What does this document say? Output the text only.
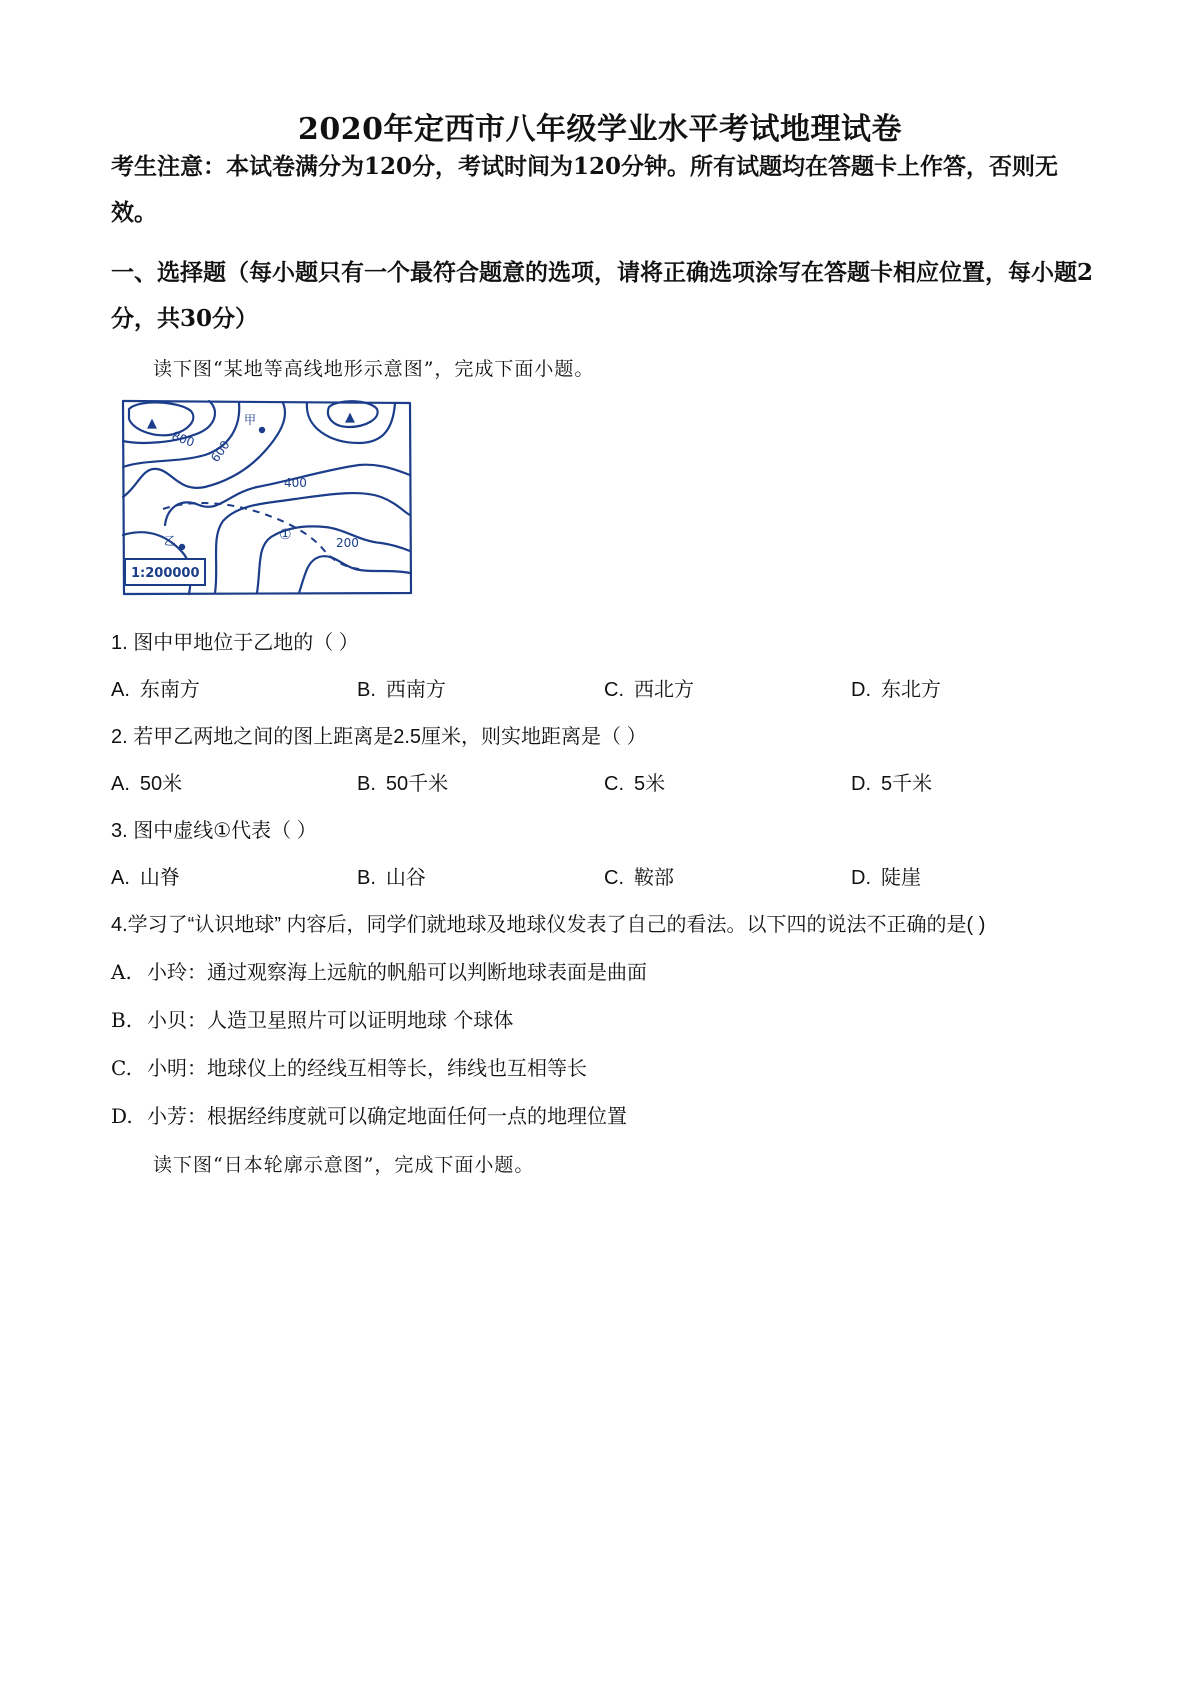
2020年定西市八年级学业水平考试地理试卷
考生注意：本试卷满分为120分，考试时间为120分钟。所有试题均在答题卡上作答，否则无效。
一、选择题（每小题只有一个最符合题意的选项，请将正确选项涂写在答题卡相应位置，每小题2分，共30分）
读下图“某地等高线地形示意图”，完成下面小题。
▲	▲
800 600
400
200
甲
乙	①
1:200000
1. 图中甲地位于乙地的（ ）
A. 东南方	B. 西南方	C. 西北方	D. 东北方
2. 若甲乙两地之间的图上距离是2.5厘米，则实地距离是（ ）
A. 50米	B. 50千米	C. 5米	D. 5千米
3. 图中虚线①代表（ ）
A. 山脊	B. 山谷	C. 鞍部	D. 陡崖
4.学习了“认识地球” 内容后，同学们就地球及地球仪发表了自己的看法。以下四的说法不正确的是( )
A. 小玲：通过观察海上远航的帆船可以判断地球表面是曲面
B. 小贝：人造卫星照片可以证明地球 个球体
C. 小明：地球仪上的经线互相等长，纬线也互相等长
D. 小芳：根据经纬度就可以确定地面任何一点的地理位置
读下图“日本轮廓示意图”，完成下面小题。
